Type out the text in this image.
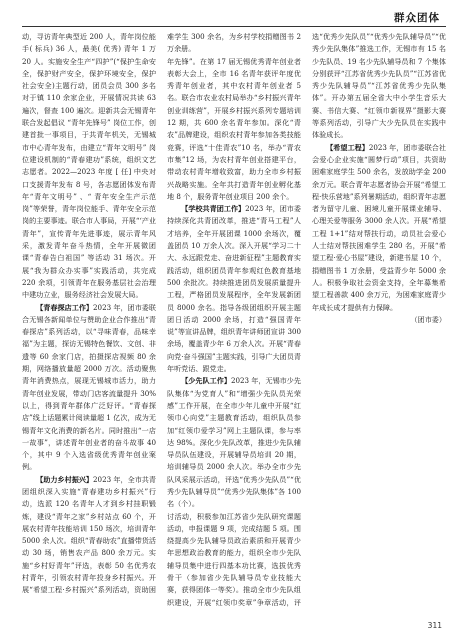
群众团体

动，寻访青年典型近 200 人，青年岗位能手( 标兵) 36 人，最美( 优秀) 青年 1 万 20 人。实施安全生产“四护”(“保护生命安全，保护财产安全，保护环境安全，保护社会安全)主题行动，团员会员 300 多名对于镇 110 余家企业，开展情况共读 63 遍次，督查 100 遍次。迎新共会无锡青年联合发起倡议 “青年先锋号” 岗位工作，创建首批一事项目，于共青年机关，无锡城市中心青年发布，由建立“青年文明号” 岗位建设机制的“青春建功”系统，组织文艺志愿者。2022—2023 年度 [ 任] 中央对口支援青年发布 8 号，各志愿团体发布青年“青年文明号” 、“ 青年安全生产示范岗”等荣誉，青年岗位能手、青年安全示范岗的主要事迹。联合市人事局，开展“‘产业青年”，宣传青年先进事迹，展示青年风采，激发青年奋斗热情，全年开展微团课“青春告白祖国” 等活动 31 场次。开展“我为群众办实事”实践活动，共完成 220 余项，引领青年在服务基层社会治理中建功立业，服务经济社会发展大局。

【青春探店工作】2023 年，团市委联合无锡各新闻单位与赞助企业合作推出“青春探店”系列活动，以“寻味青春，品味幸福”为主题，探访无锡特色餐饮、文创、非遗等 60 余家门店，拍摄探店视频 80 余期，网络播放量超 2000 万次。活动聚焦青年消费热点，展现无锡城市活力，助力青年创业发展，带动门店客流量提升 30% 以上，得到青年群体广泛好评。“青春探店”线上话题累计阅读量超 1 亿次，成为无锡青年文化消费的新名片。同时推出“一店一故事”，讲述青年创业者的奋斗故事 40 个，其中 9 个入选省级优秀青年创业案例。

【助力乡村振兴】2023 年，全市共青团组织深入实施“青春建功乡村振兴”行动，选派 120 名青年人才到乡村挂职锻炼，建设“青年之家”乡村站点 60 个，开展农村青年技能培训 150 场次，培训青年 5000 余人次。组织“青春助农”直播带货活动 30 场，销售农产品 800 余万元。实施“乡村好青年”评选，表彰 50 名优秀农村青年，引领农村青年投身乡村振兴。开展“希望工程·乡村振兴”系列活动，资助困难学生 300 余名，为乡村学校捐赠图书 2 万余册。

年先锋”。在第 17 届无锡优秀青年创业者表彰大会上，全市 16 名青年获评年度优秀青年创业者，其中农村青年创业者 5 名。联合市农业农村局举办“乡村振兴青年创业训练营”，开展乡村振兴系列专题培训 12 期，共 600 余名青年参加。深化“青农”品牌建设，组织农村青年参加各类技能竞赛，评选“十佳青农”10 名，举办“青农市集”12 场，为农村青年创业搭建平台，带动农村青年增收致富，助力全市乡村振兴战略实施。全年共打造青年创业孵化基地 8 个，服务青年创业项目 200 余个。

【学校共青团工作】2023 年，团市委持续深化共青团改革，推进“青马工程”人才培养，全年开展团课 1000 余场次，覆盖团员 10 万余人次。深入开展“学习二十大、永远跟党走、奋进新征程”主题教育实践活动，组织团员青年参观红色教育基地 500 余批次。持续推进团员发展质量提升工程，严格团员发展程序，全年发展新团员 8000 余名。指导各级团组织开展主题团日活动 2000 余场，打造“强国青年说”等宣讲品牌，组织青年讲师团宣讲 300 余场，覆盖青少年 6 万余人次。开展“青春向党·奋斗强国”主题实践，引导广大团员青年听党话、跟党走。

【少先队工作】2023 年，无锡市少先队集体“为党育人”和“增强少先队员光荣感”工作开展，在全市少年儿童中开展“红领巾心向党”主题教育活动，组织队员参加“红领巾爱学习”网上主题队课，参与率达 98%。深化少先队改革，推进少先队辅导员队伍建设，开展辅导员培训 20 期，培训辅导员 2000 余人次。举办全市少先队风采展示活动，评选“优秀少先队员”“优秀少先队辅导员”“优秀少先队集体”各 100 名（个）。

讨活动，积极参加江苏省少先队研究课题活动，申报课题 9 项，完成结题 5 项。围绕提高少先队辅导员政治素质和开展青少年思想政治教育的能力，组织全市少先队辅导员集中进行四基本功比赛，选拔优秀骨干（参加省少先队辅导员专业技能大赛，获得团体一等奖）。推动全市少先队组织建设，开展“红领巾奖章”争章活动，评选“优秀少先队员”“优秀少先队辅导员”“优秀少先队集体”推选工作，无锡市有 15 名少先队员、19 名少先队辅导员和 7 个集体分别获评“江苏省优秀少先队员”“江苏省优秀少先队辅导员”“江苏省优秀少先队集体”。开办第五届全省大中小学生音乐大赛、书信大赛、“红领巾新视界”摄影大赛等系列活动，引导广大少先队员在实践中体验成长。

【希望工程】2023 年，团市委联合社会爱心企业实施“圆梦行动”项目，共资助困难家庭学生 500 余名，发放助学金 200 余万元。联合青年志愿者协会开展“希望工程·快乐营地”系列暑期活动，组织青年志愿者为留守儿童、困境儿童开展课业辅导、心理关爱等服务 3000 余人次。开展“希望工程 1+1”结对帮扶行动，动员社会爱心人士结对帮扶困难学生 280 名，开展“希望工程·爱心书屋”建设，新建书屋 10 个，捐赠图书 1 万余册，受益青少年 5000 余人。积极争取社会资金支持，全年募集希望工程善款 400 余万元，为困难家庭青少年成长成才提供有力保障。

（团市委）

311
